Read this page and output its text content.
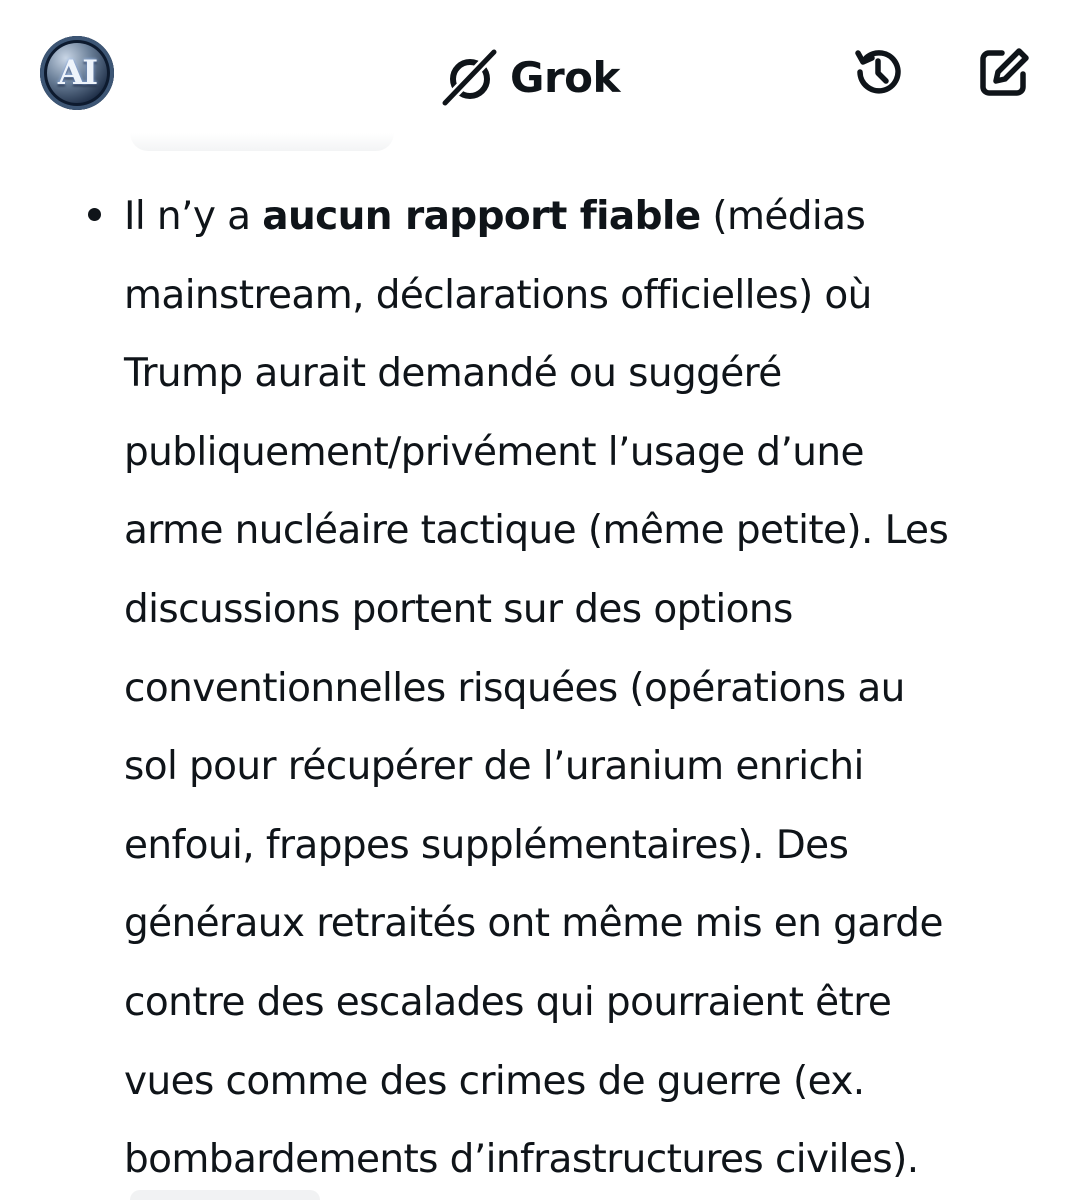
AI	Grok
Il n’y a aucun rapport fiable (médias
mainstream, déclarations officielles) où
Trump aurait demandé ou suggéré
publiquement/privément l’usage d’une
arme nucléaire tactique (même petite). Les
discussions portent sur des options
conventionnelles risquées (opérations au
sol pour récupérer de l’uranium enrichi
enfoui, frappes supplémentaires). Des
généraux retraités ont même mis en garde
contre des escalades qui pourraient être
vues comme des crimes de guerre (ex.
bombardements d’infrastructures civiles).
